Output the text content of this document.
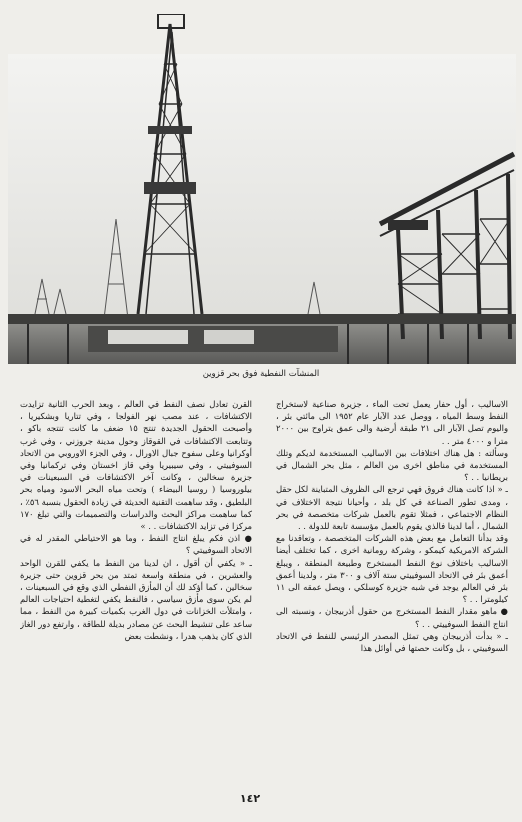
المنشآت النفطية فوق بحر قزوين

الاساليب ، أول حفار يعمل تحت الماء ، جزيرة صناعية لاستخراج النفط وسط المياه ، ووصل عدد الآبار عام ١٩٥٢ الى مائتي بئر ، واليوم تصل الآبار الى ٢١ طبقة أرضية والى عمق يتراوح بين ٢٠٠٠ مترا و ٤٠٠٠ متر . .

وسألته : هل هناك اختلافات بين الاساليب المستخدمة لديكم وتلك المستخدمة في مناطق اخرى من العالم ، مثل بحر الشمال في بريطانيا . . ؟

ـ « اذا كانت هناك فروق فهي ترجع الى الظروف المتباينة لكل حقل ، ومدى تطور الصناعة في كل بلد ، وأحيانا نتيجة الاختلاف في النظام الاجتماعي ، فمثلا تقوم بالعمل شركات متخصصة في بحر الشمال ، أما لدينا فالذي يقوم بالعمل مؤسسة تابعة للدولة . .

وقد بدأنا التعامل مع بعض هذه الشركات المتخصصة ، وتعاقدنا مع الشركة الامريكية كيمكو ، وشركة رومانية اخرى ، كما تختلف أيضا الاساليب باختلاف نوع النفط المستخرج وطبيعة المنطقة ، ويبلغ أعمق بئر في الاتحاد السوفييتي ستة آلاف و ٣٠٠ متر ، ولدينا أعمق بئر في العالم يوجد في شبه جزيرة كوسلكي ، ويصل عمقه الى ١١ كيلومترا . . ؟

● ماهو مقدار النفط المستخرج من حقول أذربيجان ، ونسبته الى انتاج النفط السوفييتي . . ؟

ـ « بدأت أذربيجان وهي تمثل المصدر الرئيسي للنفط في الاتحاد السوفييتي ، بل وكانت حصتها في أوائل هذا

القرن تعادل نصف النفط في العالم ، وبعد الحرب الثانية تزايدت الاكتشافات ، عند مصب نهر الفولجا ، وفي تتاريا وبشكيريا ، وأصبحت الحقول الجديدة تنتج ١٥ ضعف ما كانت تنتجه باكو ، وتتابعت الاكتشافات في القوقاز وحول مدينة جروزني ، وفي غرب أوكرانيا وعلى سفوح جبال الاورال ، وفي الجزء الاوروبي من الاتحاد السوفييتي ، وفي سيبيريا وفي قاز اخستان وفي تركمانيا وفي جزيرة سخالين ، وكانت آخر الاكتشافات في السبعينات في بيلوروسيا ( روسيا البيضاء ) وتحت مياه البحر الاسود ومياه بحر البلطيق ، وقد ساهمت التقنية الحديثة في زيادة الحقول بنسبة ٥٦٪ ، كما ساهمت مراكز البحث والدراسات والتصميمات والتي تبلغ ١٧٠ مركزا في تزايد الاكتشافات . . »

● اذن فكم يبلغ انتاج النفط ، وما هو الاحتياطي المقدر له في الاتحاد السوفييتي ؟

ـ « يكفي أن أقول ، ان لدينا من النفط ما يكفي للقرن الواحد والعشرين ، في منطقة واسعة تمتد من بحر قزوين حتى جزيرة سخالين ، كما أؤكد لك أن المأزق النفطي الذي وقع في السبعينات ، لم يكن سوى مأزق سياسي ، فالنفط يكفي لتغطية احتياجات العالم ، وامتلأت الخزانات في دول الغرب بكميات كبيرة من النفط ، مما ساعد على تنشيط البحث عن مصادر بديلة للطاقة ، وارتفع دور الغاز الذي كان يذهب هدرا ، ونشطت بعض

١٤٢
